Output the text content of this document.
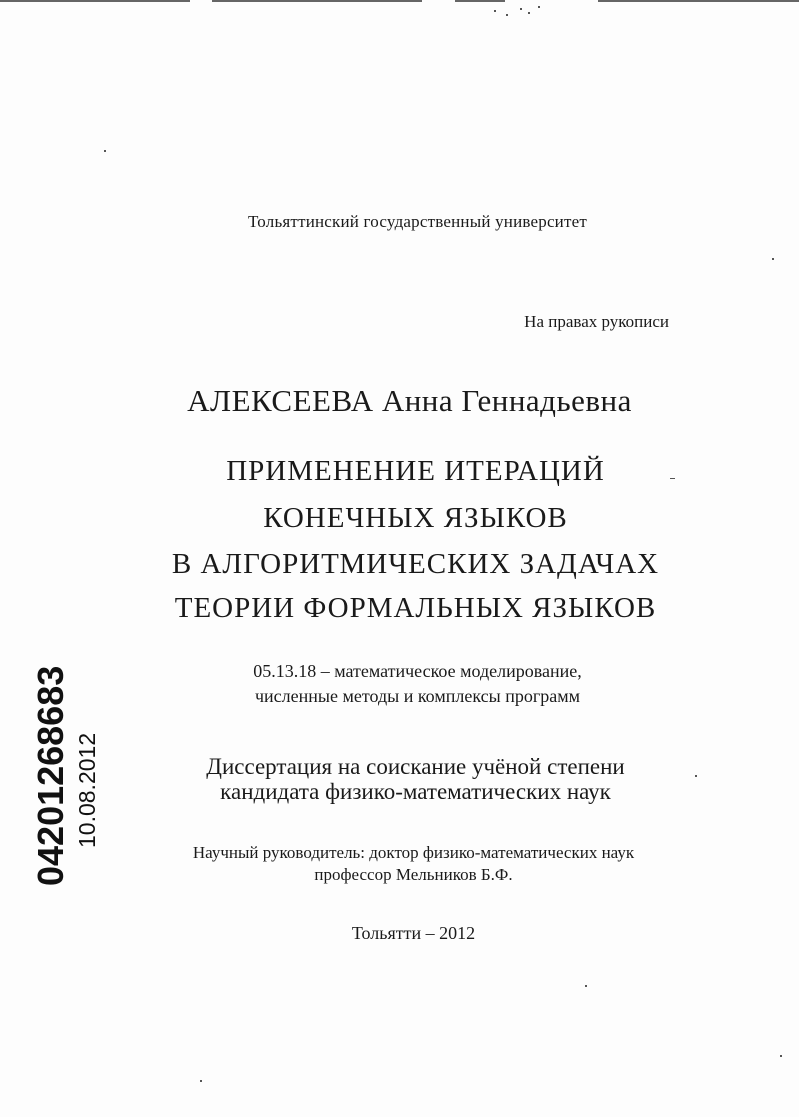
Тольяттинский государственный университет
На правах рукописи
АЛЕКСЕЕВА Анна Геннадьевна
ПРИМЕНЕНИЕ ИТЕРАЦИЙ
КОНЕЧНЫХ ЯЗЫКОВ
В АЛГОРИТМИЧЕСКИХ ЗАДАЧАХ
ТЕОРИИ ФОРМАЛЬНЫХ ЯЗЫКОВ
05.13.18 – математическое моделирование,
численные методы и комплексы программ
Диссертация на соискание учёной степени
кандидата физико-математических наук
Научный руководитель: доктор физико-математических наук
профессор Мельников Б.Ф.
Тольятти – 2012
04201268683 10.08.2012
